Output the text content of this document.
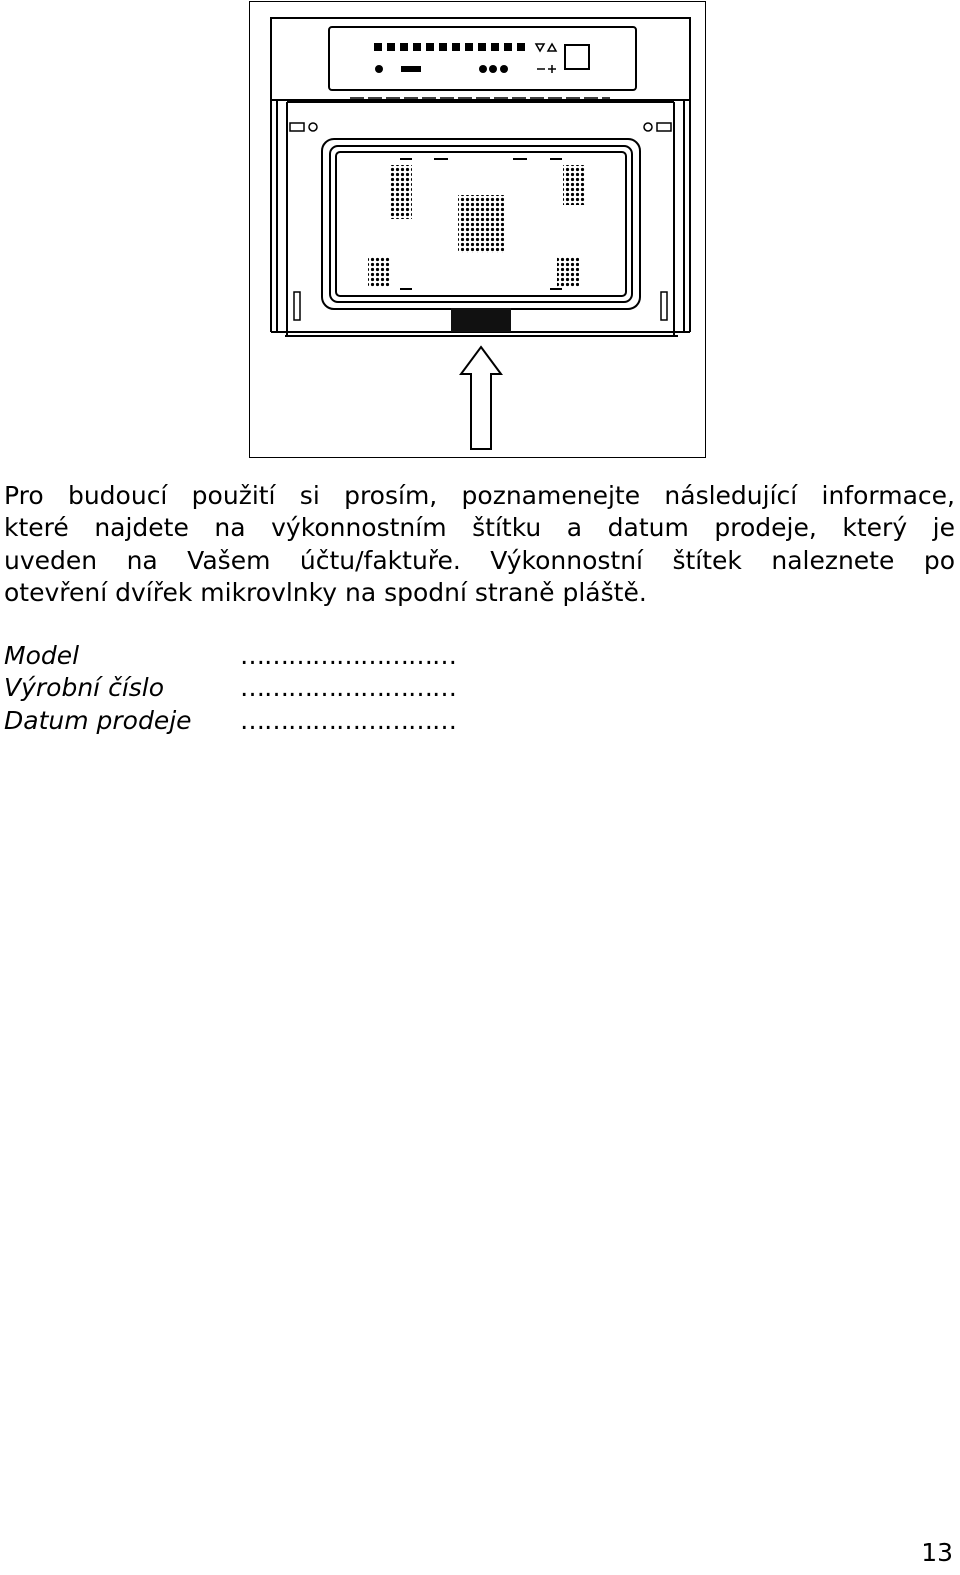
Pro budoucí použití si prosím, poznamenejte následující informace,
které najdete na výkonnostním štítku a datum prodeje, který je
uveden na Vašem účtu/faktuře. Výkonnostní štítek naleznete po
otevření dvířek mikrovlnky na spodní straně pláště.

Model	………………………
Výrobní číslo	………………………
Datum prodeje ………………………
13
